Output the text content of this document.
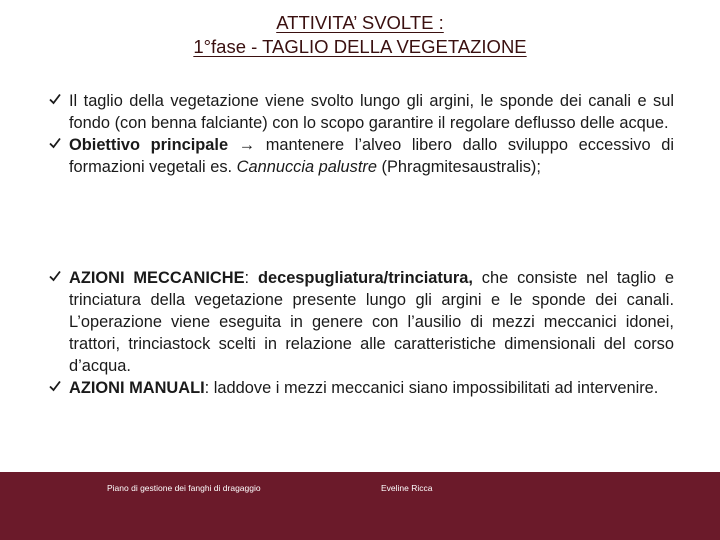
ATTIVITA’ SVOLTE :
1°fase - TAGLIO DELLA VEGETAZIONE
Il taglio della vegetazione viene svolto lungo gli argini, le sponde dei canali e sul fondo (con benna falciante) con lo scopo garantire il regolare deflusso delle acque.
Obiettivo principale → mantenere l’alveo libero dallo sviluppo eccessivo di formazioni vegetali es. Cannuccia palustre (Phragmitesaustralis);
AZIONI MECCANICHE: decespugliatura/trinciatura, che consiste nel taglio e trinciatura della vegetazione presente lungo gli argini e le sponde dei canali. L’operazione viene eseguita in genere con l’ausilio di mezzi meccanici idonei, trattori, trinciastock scelti in relazione alle caratteristiche dimensionali del corso d’acqua.
AZIONI MANUALI: laddove i mezzi meccanici siano impossibilitati ad intervenire.
Piano di gestione dei fanghi di dragaggio	Eveline Ricca
